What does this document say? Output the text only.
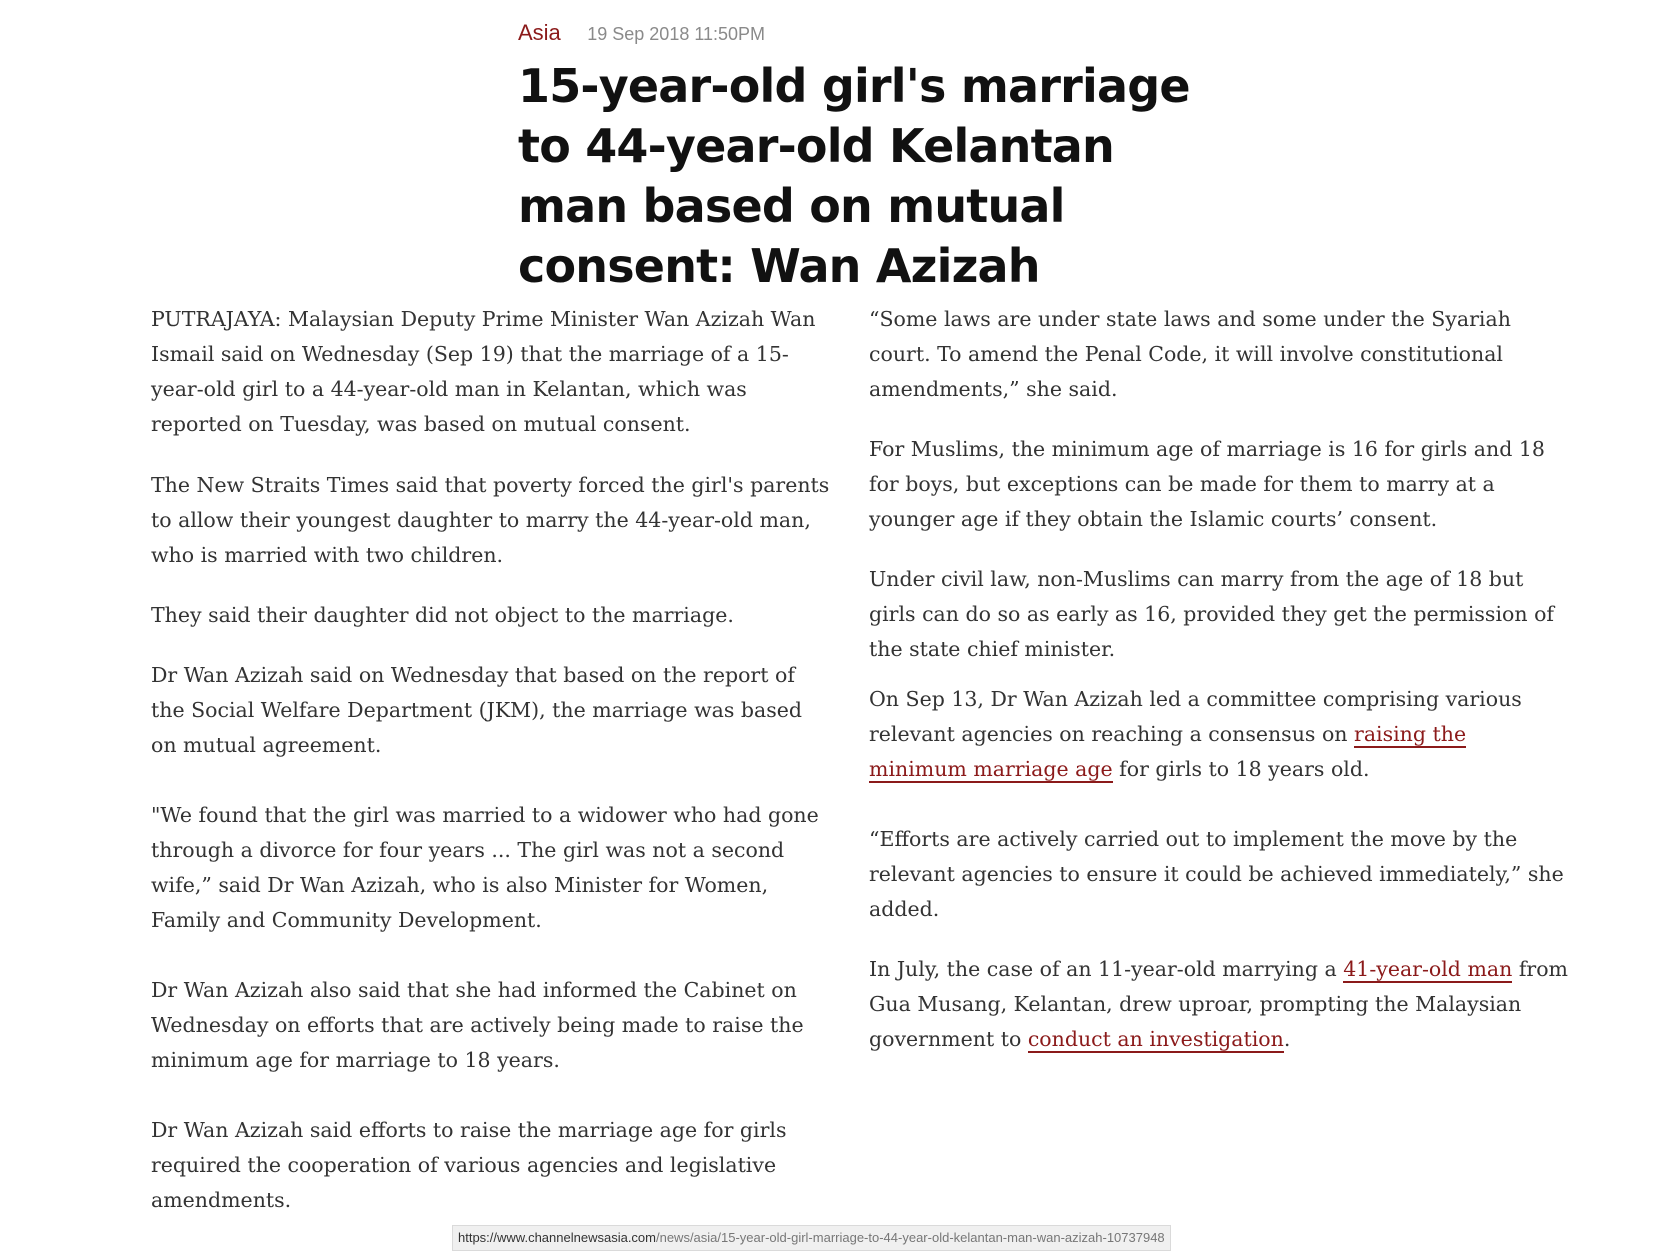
Asia 19 Sep 2018 11:50PM
15-year-old girl's marriage to 44-year-old Kelantan man based on mutual consent: Wan Azizah

PUTRAJAYA: Malaysian Deputy Prime Minister Wan Azizah Wan Ismail said on Wednesday (Sep 19) that the marriage of a 15-year-old girl to a 44-year-old man in Kelantan, which was reported on Tuesday, was based on mutual consent.

The New Straits Times said that poverty forced the girl's parents to allow their youngest daughter to marry the 44-year-old man, who is married with two children.

They said their daughter did not object to the marriage.

Dr Wan Azizah said on Wednesday that based on the report of the Social Welfare Department (JKM), the marriage was based on mutual agreement.

"We found that the girl was married to a widower who had gone through a divorce for four years ... The girl was not a second wife,” said Dr Wan Azizah, who is also Minister for Women, Family and Community Development.

Dr Wan Azizah also said that she had informed the Cabinet on Wednesday on efforts that are actively being made to raise the minimum age for marriage to 18 years.

Dr Wan Azizah said efforts to raise the marriage age for girls required the cooperation of various agencies and legislative amendments.

“Some laws are under state laws and some under the Syariah court. To amend the Penal Code, it will involve constitutional amendments,” she said.

For Muslims, the minimum age of marriage is 16 for girls and 18 for boys, but exceptions can be made for them to marry at a younger age if they obtain the Islamic courts’ consent.

Under civil law, non-Muslims can marry from the age of 18 but girls can do so as early as 16, provided they get the permission of the state chief minister.

On Sep 13, Dr Wan Azizah led a committee comprising various relevant agencies on reaching a consensus on raising the minimum marriage age for girls to 18 years old.

“Efforts are actively carried out to implement the move by the relevant agencies to ensure it could be achieved immediately,” she added.

In July, the case of an 11-year-old marrying a 41-year-old man from Gua Musang, Kelantan, drew uproar, prompting the Malaysian government to conduct an investigation.

https://www.channelnewsasia.com/news/asia/15-year-old-girl-marriage-to-44-year-old-kelantan-man-wan-azizah-10737948
